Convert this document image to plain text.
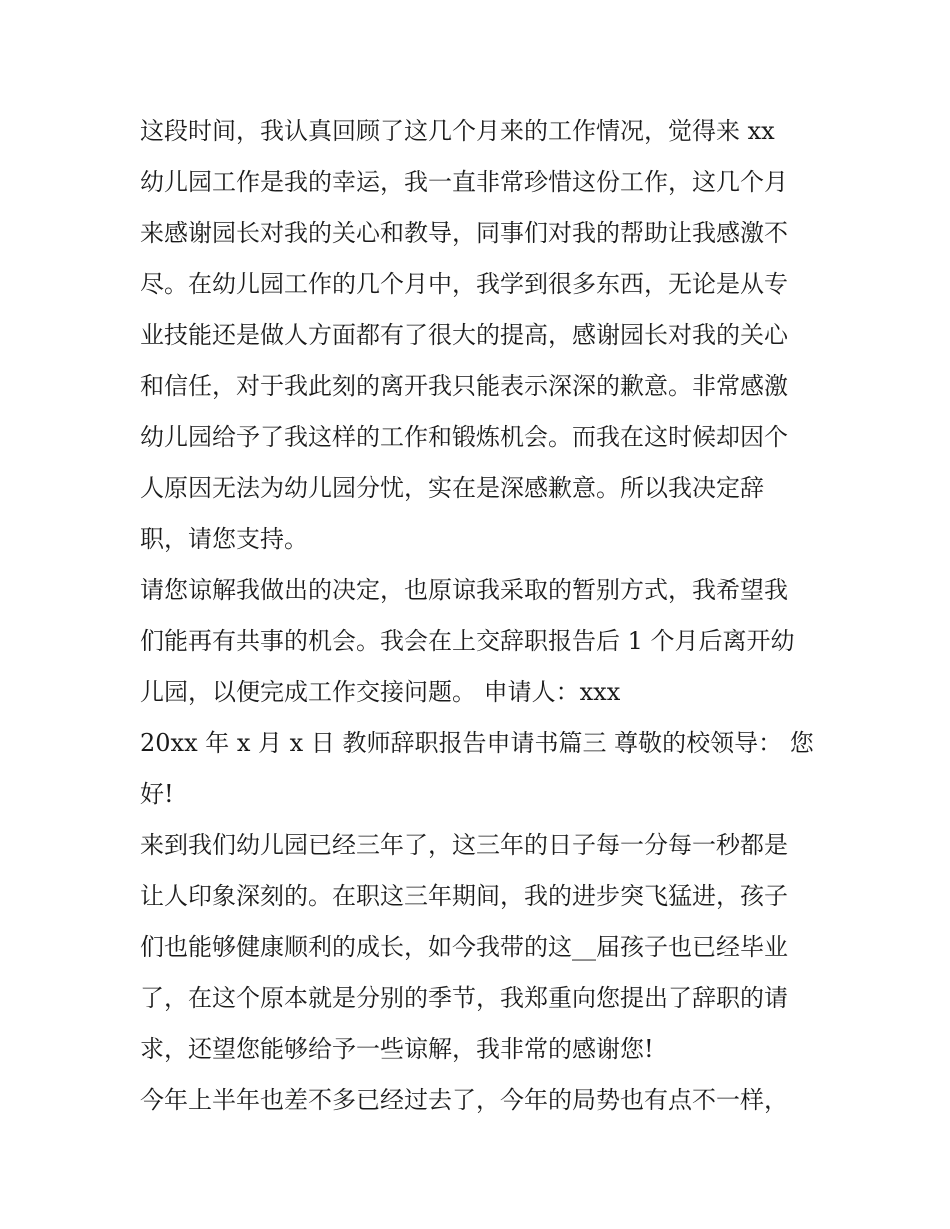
这段时间，我认真回顾了这几个月来的工作情况，觉得来 xx
幼儿园工作是我的幸运，我一直非常珍惜这份工作，这几个月
来感谢园长对我的关心和教导，同事们对我的帮助让我感激不
尽。在幼儿园工作的几个月中，我学到很多东西，无论是从专
业技能还是做人方面都有了很大的提高，感谢园长对我的关心
和信任，对于我此刻的离开我只能表示深深的歉意。非常感激
幼儿园给予了我这样的工作和锻炼机会。而我在这时候却因个
人原因无法为幼儿园分忧，实在是深感歉意。所以我决定辞
职，请您支持。

请您谅解我做出的决定，也原谅我采取的暂别方式，我希望我
们能再有共事的机会。我会在上交辞职报告后 1 个月后离开幼
儿园，以便完成工作交接问题。 申请人：xxx

20xx 年 x 月 x 日 教师辞职报告申请书篇三 尊敬的校领导： 您
好!

来到我们幼儿园已经三年了，这三年的日子每一分每一秒都是
让人印象深刻的。在职这三年期间，我的进步突飞猛进，孩子
们也能够健康顺利的成长，如今我带的这__届孩子也已经毕业
了，在这个原本就是分别的季节，我郑重向您提出了辞职的请
求，还望您能够给予一些谅解，我非常的感谢您!

今年上半年也差不多已经过去了，今年的局势也有点不一样，
